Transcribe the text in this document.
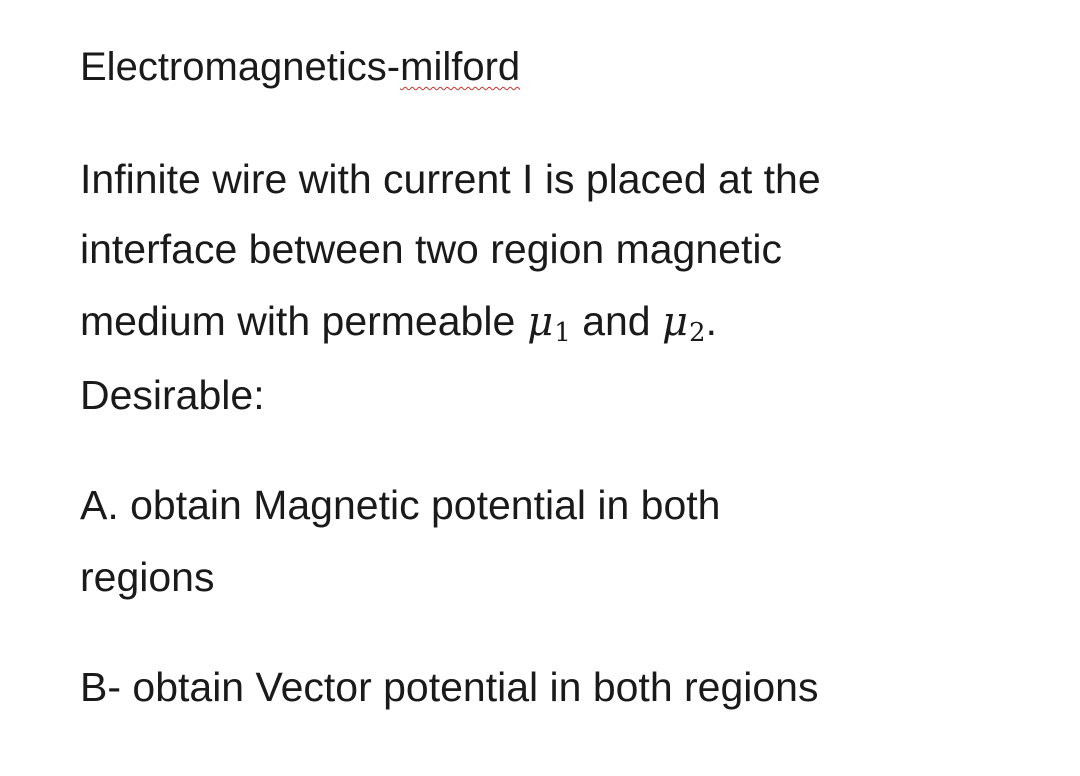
Electromagnetics-milford
Infinite wire with current I is placed at the
interface between two region magnetic
medium with permeable $\mu_1$ and $\mu_2$.
Desirable:
A. obtain Magnetic potential in both
regions
B- obtain Vector potential in both regions
